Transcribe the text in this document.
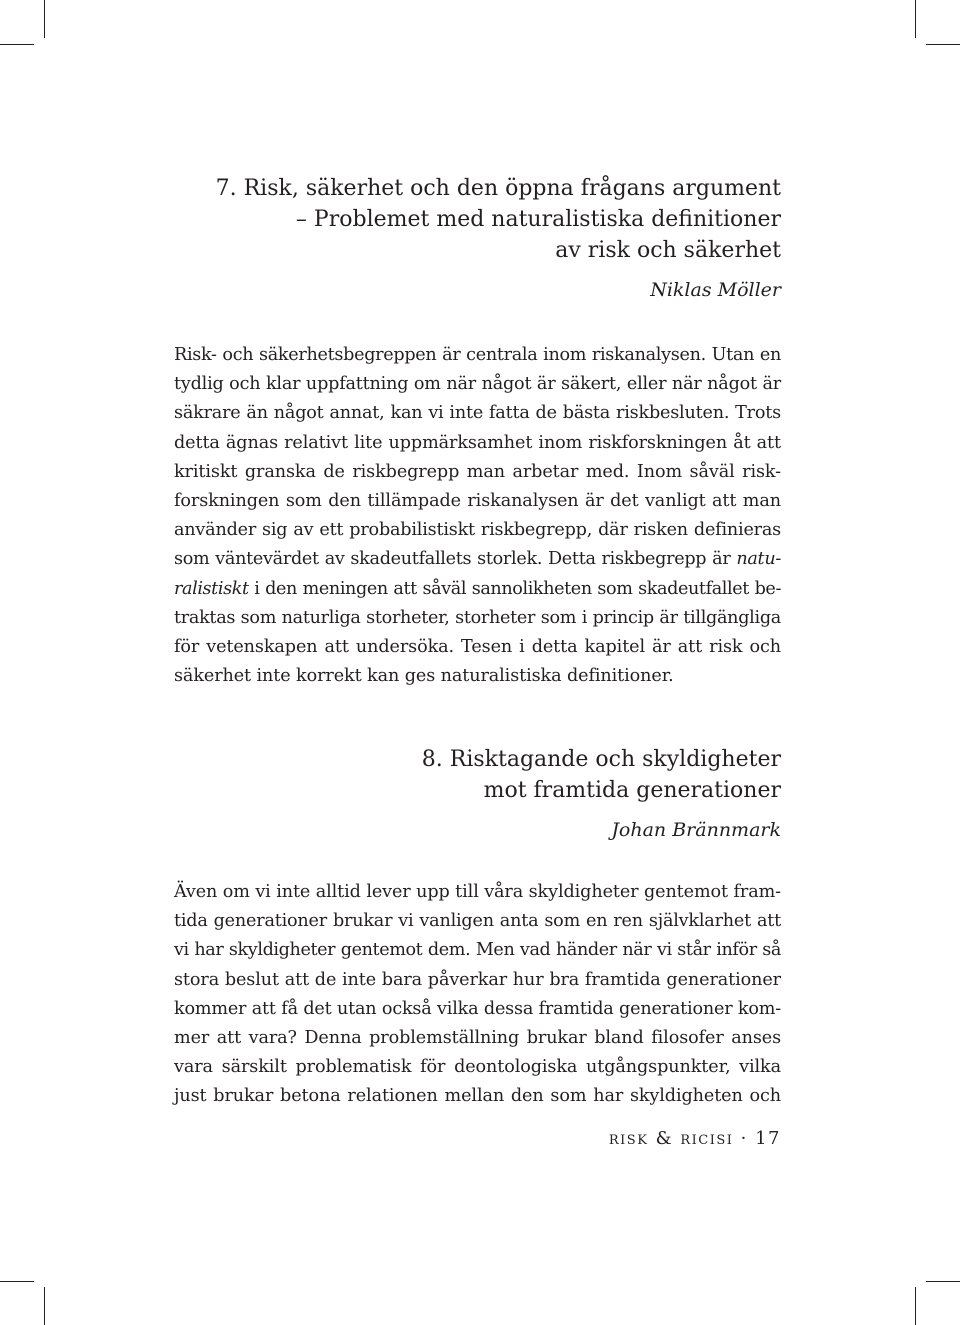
7. Risk, säkerhet och den öppna frågans argument
– Problemet med naturalistiska definitioner
av risk och säkerhet

Niklas Möller

Risk- och säkerhetsbegreppen är centrala inom riskanalysen. Utan en
tydlig och klar uppfattning om när något är säkert, eller när något är
säkrare än något annat, kan vi inte fatta de bästa riskbesluten. Trots
detta ägnas relativt lite uppmärksamhet inom riskforskningen åt att
kritiskt granska de riskbegrepp man arbetar med. Inom såväl risk-
forskningen som den tillämpade riskanalysen är det vanligt att man
använder sig av ett probabilistiskt riskbegrepp, där risken definieras
som väntevärdet av skadeutfallets storlek. Detta riskbegrepp är natu-
ralistiskt i den meningen att såväl sannolikheten som skadeutfallet be-
traktas som naturliga storheter, storheter som i princip är tillgängliga
för vetenskapen att undersöka. Tesen i detta kapitel är att risk och
säkerhet inte korrekt kan ges naturalistiska definitioner.

8. Risktagande och skyldigheter
mot framtida generationer

Johan Brännmark

Även om vi inte alltid lever upp till våra skyldigheter gentemot fram-
tida generationer brukar vi vanligen anta som en ren självklarhet att
vi har skyldigheter gentemot dem. Men vad händer när vi står inför så
stora beslut att de inte bara påverkar hur bra framtida generationer
kommer att få det utan också vilka dessa framtida generationer kom-
mer att vara? Denna problemställning brukar bland filosofer anses
vara särskilt problematisk för deontologiska utgångspunkter, vilka
just brukar betona relationen mellan den som har skyldigheten och

risk & ricisi · 17
